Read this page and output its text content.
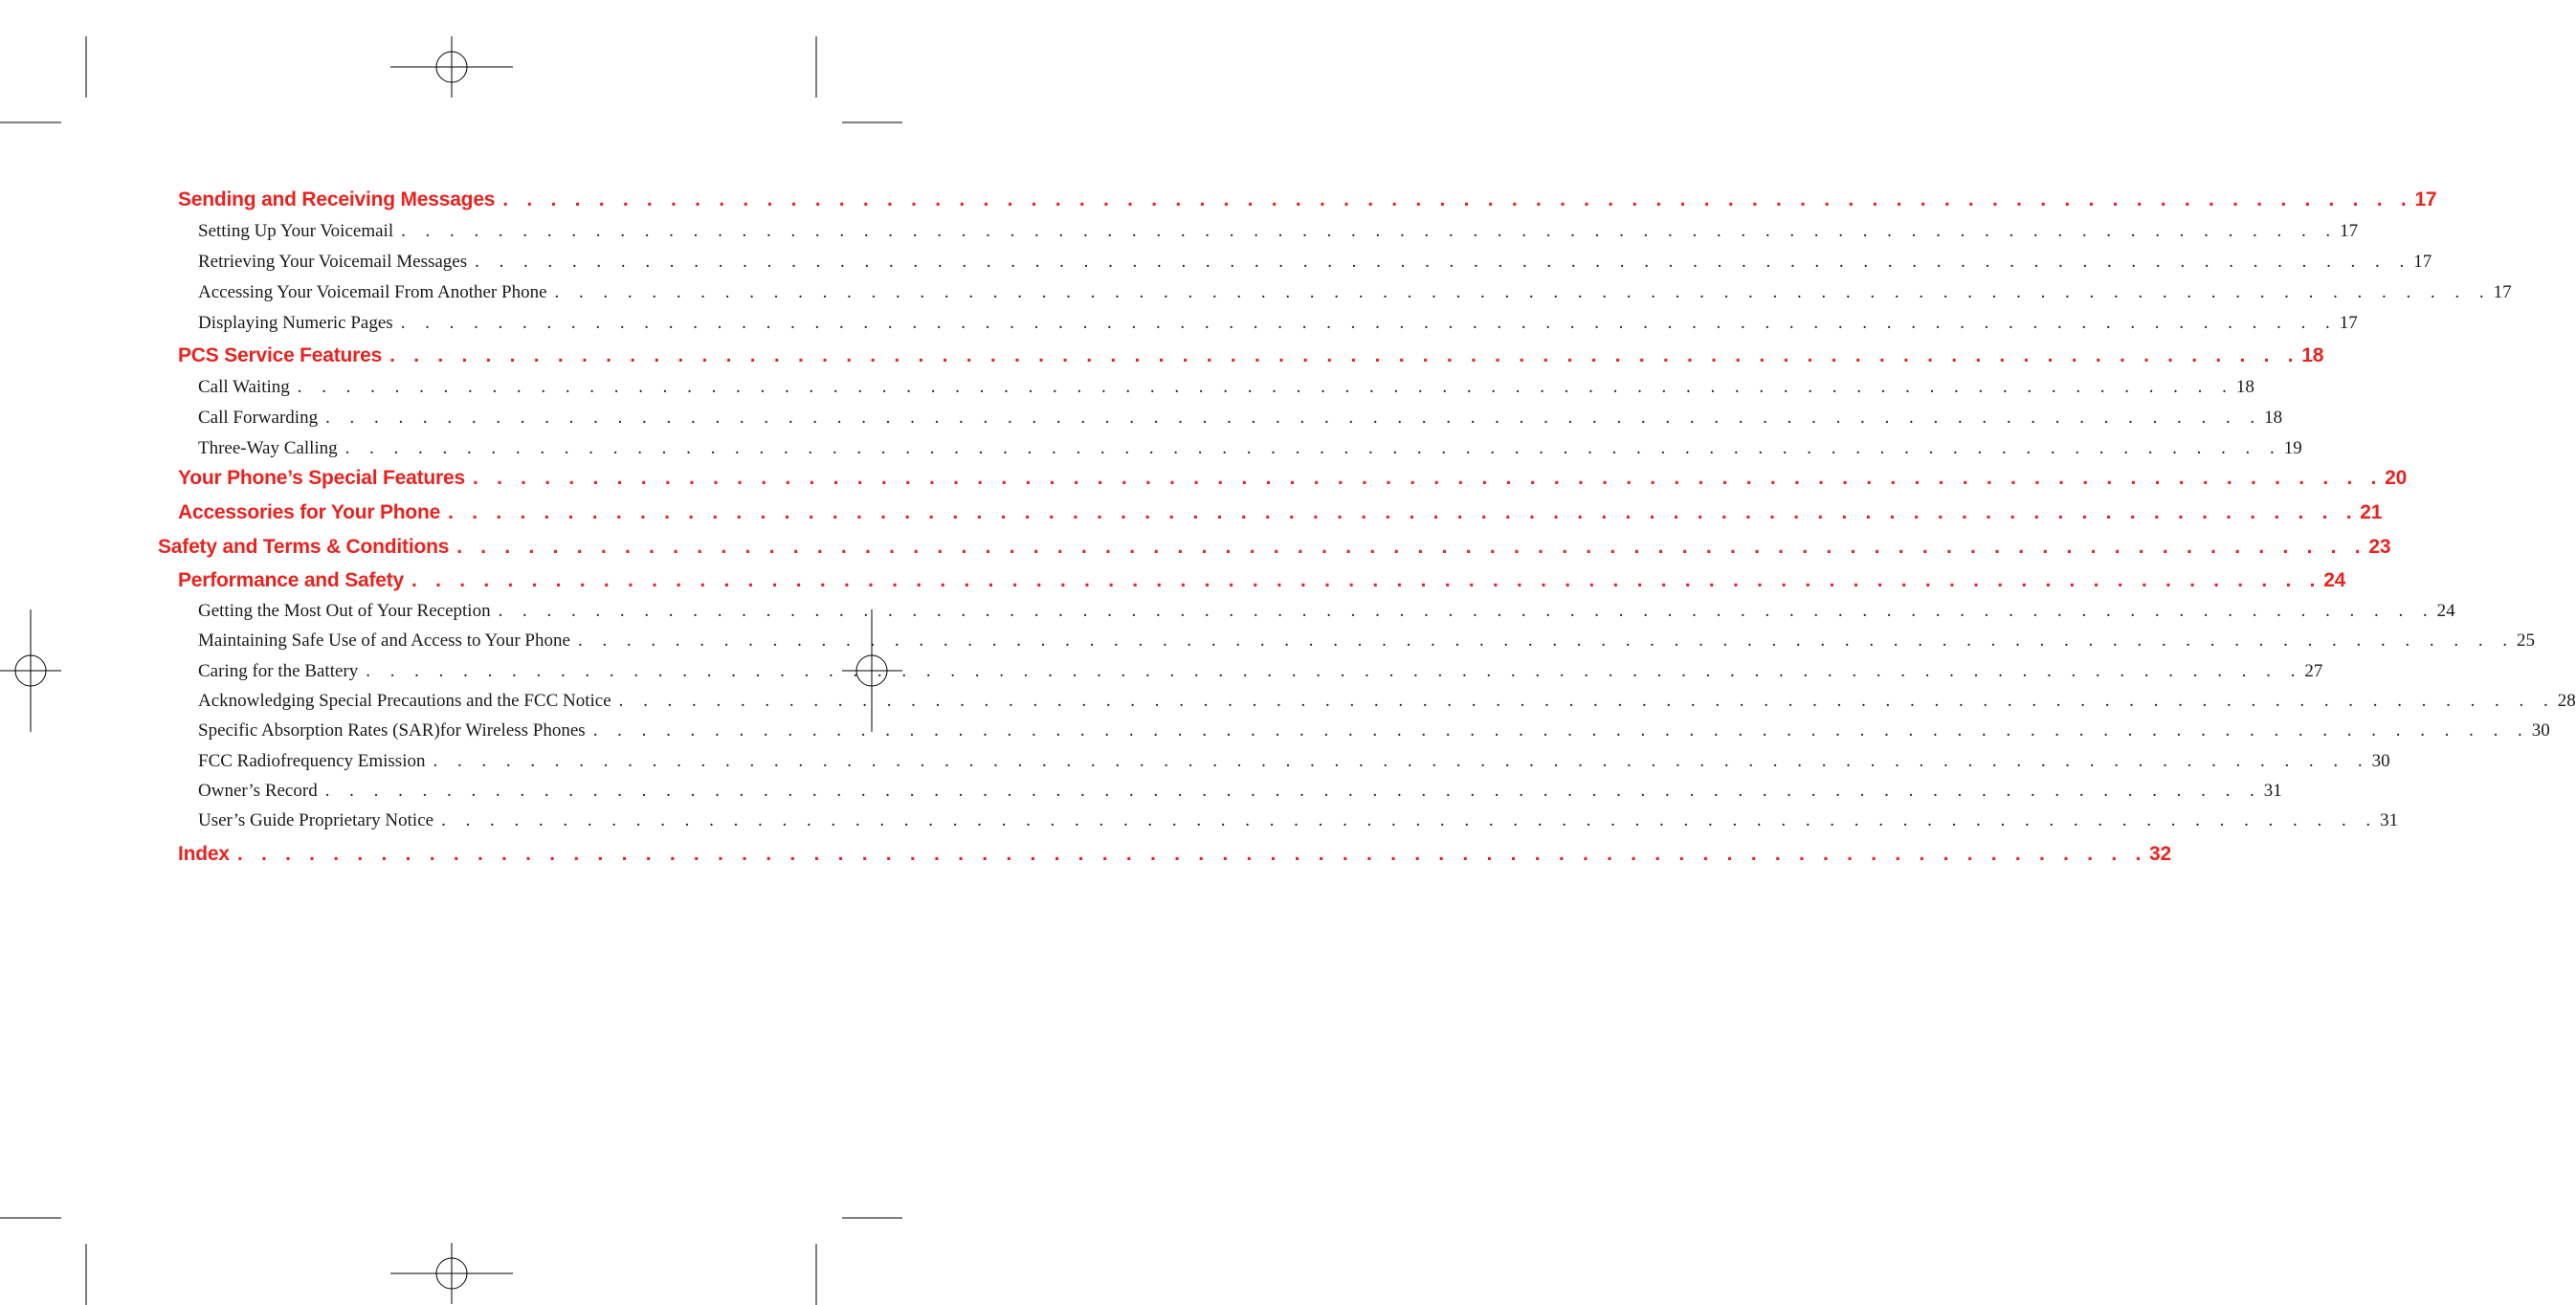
Sending and Receiving Messages . . . . . . . . . . . . . . . . . . . . . . . . . . . . . . . . . . . . . . . . . . . . . . . . . . . . . . . . . . . . . . . . . . . . . . . . . . . . . . . . 17
Setting Up Your Voicemail . . . . . . . . . . . . . . . . . . . . . . . . . . . . . . . . . . . . . . . . . . . . . . . . . . . . . . . . . . . . . . . . . . . . . . . . . . . . . . . . 17
Retrieving Your Voicemail Messages . . . . . . . . . . . . . . . . . . . . . . . . . . . . . . . . . . . . . . . . . . . . . . . . . . . . . . . . . . . . . . . . . . . . . . . . . . . . . . . . 17
Accessing Your Voicemail From Another Phone . . . . . . . . . . . . . . . . . . . . . . . . . . . . . . . . . . . . . . . . . . . . . . . . . . . . . . . . . . . . . . . . . . . . . . . . . . . . . . . . 17
Displaying Numeric Pages . . . . . . . . . . . . . . . . . . . . . . . . . . . . . . . . . . . . . . . . . . . . . . . . . . . . . . . . . . . . . . . . . . . . . . . . . . . . . . . . 17
PCS Service Features . . . . . . . . . . . . . . . . . . . . . . . . . . . . . . . . . . . . . . . . . . . . . . . . . . . . . . . . . . . . . . . . . . . . . . . . . . . . . . . . 18
Call Waiting . . . . . . . . . . . . . . . . . . . . . . . . . . . . . . . . . . . . . . . . . . . . . . . . . . . . . . . . . . . . . . . . . . . . . . . . . . . . . . . . 18
Call Forwarding . . . . . . . . . . . . . . . . . . . . . . . . . . . . . . . . . . . . . . . . . . . . . . . . . . . . . . . . . . . . . . . . . . . . . . . . . . . . . . . . 18
Three-Way Calling . . . . . . . . . . . . . . . . . . . . . . . . . . . . . . . . . . . . . . . . . . . . . . . . . . . . . . . . . . . . . . . . . . . . . . . . . . . . . . . . 19
Your Phone’s Special Features . . . . . . . . . . . . . . . . . . . . . . . . . . . . . . . . . . . . . . . . . . . . . . . . . . . . . . . . . . . . . . . . . . . . . . . . . . . . . . . . 20
Accessories for Your Phone . . . . . . . . . . . . . . . . . . . . . . . . . . . . . . . . . . . . . . . . . . . . . . . . . . . . . . . . . . . . . . . . . . . . . . . . . . . . . . . . 21
Safety and Terms & Conditions . . . . . . . . . . . . . . . . . . . . . . . . . . . . . . . . . . . . . . . . . . . . . . . . . . . . . . . . . . . . . . . . . . . . . . . . . . . . . . . . 23
Performance and Safety . . . . . . . . . . . . . . . . . . . . . . . . . . . . . . . . . . . . . . . . . . . . . . . . . . . . . . . . . . . . . . . . . . . . . . . . . . . . . . . . 24
Getting the Most Out of Your Reception . . . . . . . . . . . . . . . . . . . . . . . . . . . . . . . . . . . . . . . . . . . . . . . . . . . . . . . . . . . . . . . . . . . . . . . . . . . . . . . . 24
Maintaining Safe Use of and Access to Your Phone . . . . . . . . . . . . . . . . . . . . . . . . . . . . . . . . . . . . . . . . . . . . . . . . . . . . . . . . . . . . . . . . . . . . . . . . . . . . . . . . 25
Caring for the Battery . . . . . . . . . . . . . . . . . . . . . . . . . . . . . . . . . . . . . . . . . . . . . . . . . . . . . . . . . . . . . . . . . . . . . . . . . . . . . . . . 27
Acknowledging Special Precautions and the FCC Notice . . . . . . . . . . . . . . . . . . . . . . . . . . . . . . . . . . . . . . . . . . . . . . . . . . . . . . . . . . . . . . . . . . . . . . . . . . . . . . . . 28
Specific Absorption Rates (SAR)for Wireless Phones . . . . . . . . . . . . . . . . . . . . . . . . . . . . . . . . . . . . . . . . . . . . . . . . . . . . . . . . . . . . . . . . . . . . . . . . . . . . . . . . 30
FCC Radiofrequency Emission . . . . . . . . . . . . . . . . . . . . . . . . . . . . . . . . . . . . . . . . . . . . . . . . . . . . . . . . . . . . . . . . . . . . . . . . . . . . . . . . 30
Owner’s Record . . . . . . . . . . . . . . . . . . . . . . . . . . . . . . . . . . . . . . . . . . . . . . . . . . . . . . . . . . . . . . . . . . . . . . . . . . . . . . . . 31
User’s Guide Proprietary Notice . . . . . . . . . . . . . . . . . . . . . . . . . . . . . . . . . . . . . . . . . . . . . . . . . . . . . . . . . . . . . . . . . . . . . . . . . . . . . . . . 31
Index . . . . . . . . . . . . . . . . . . . . . . . . . . . . . . . . . . . . . . . . . . . . . . . . . . . . . . . . . . . . . . . . . . . . . . . . . . . . . . . . 32
